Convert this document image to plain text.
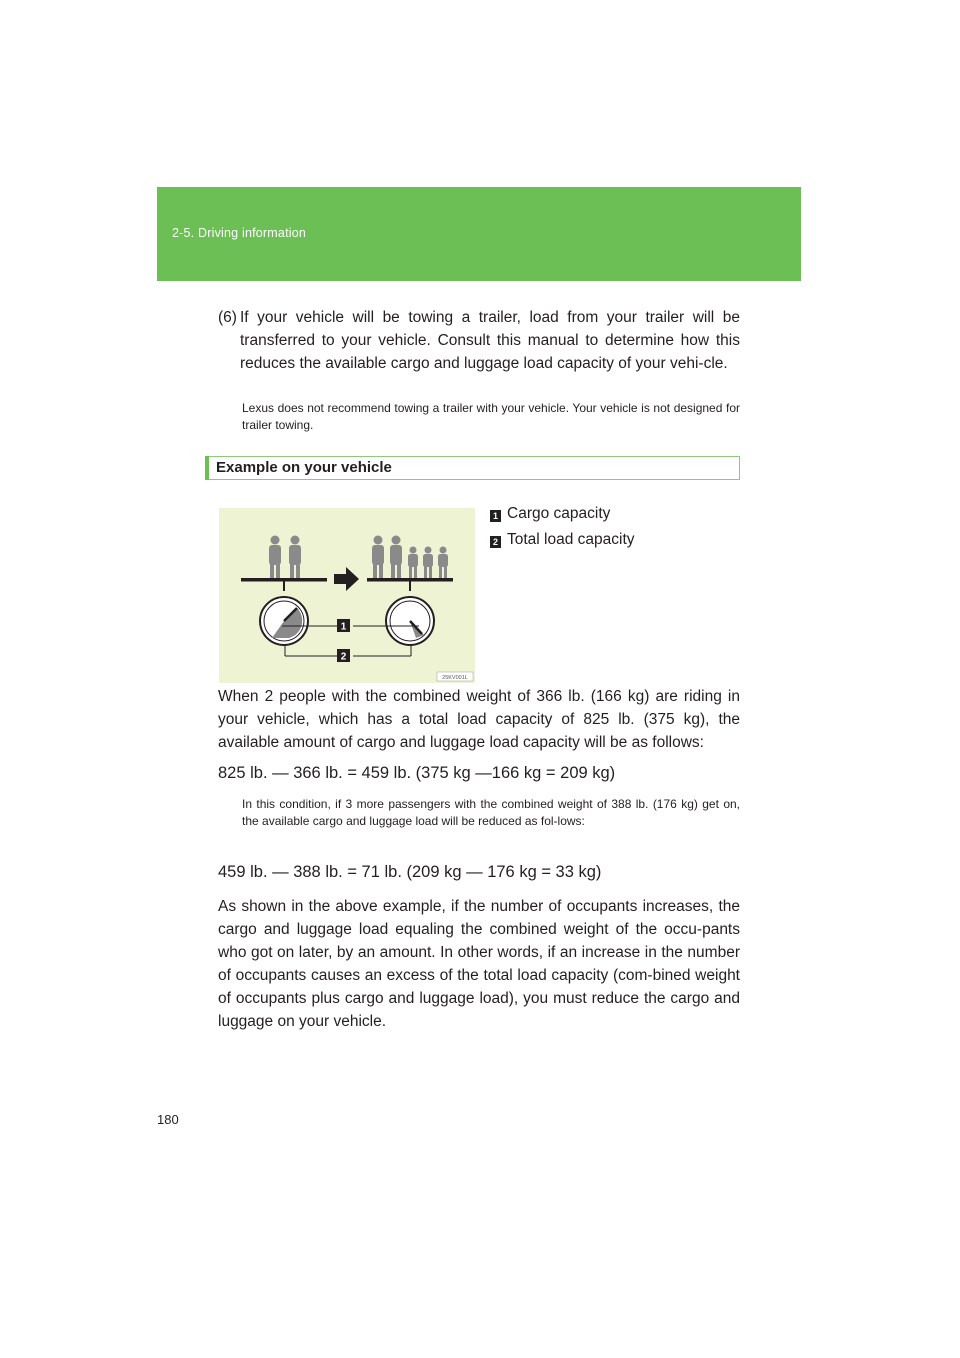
2-5. Driving information
(6) If your vehicle will be towing a trailer, load from your trailer will be transferred to your vehicle. Consult this manual to determine how this reduces the available cargo and luggage load capacity of your vehi-cle.
Lexus does not recommend towing a trailer with your vehicle. Your vehicle is not designed for trailer towing.
Example on your vehicle
1
2
25KV001L
1 Cargo capacity
2 Total load capacity
When 2 people with the combined weight of 366 lb. (166 kg) are riding in your vehicle, which has a total load capacity of 825 lb. (375 kg), the available amount of cargo and luggage load capacity will be as follows:
825 lb. — 366 lb. = 459 lb. (375 kg —166 kg = 209 kg)
In this condition, if 3 more passengers with the combined weight of 388 lb. (176 kg) get on, the available cargo and luggage load will be reduced as fol-lows:
459 lb. — 388 lb. = 71 lb. (209 kg — 176 kg = 33 kg)
As shown in the above example, if the number of occupants increases, the cargo and luggage load equaling the combined weight of the occu-pants who got on later, by an amount. In other words, if an increase in the number of occupants causes an excess of the total load capacity (com-bined weight of occupants plus cargo and luggage load), you must reduce the cargo and luggage on your vehicle.
180
